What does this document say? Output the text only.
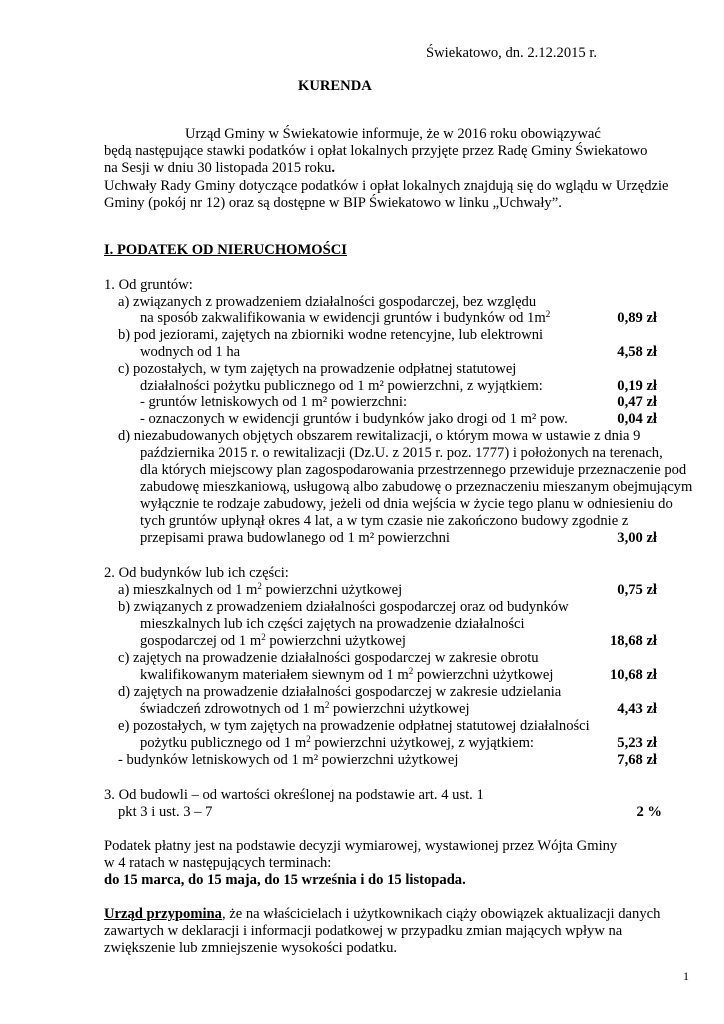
Świekatowo, dn. 2.12.2015 r.
KURENDA
Urząd Gminy w Świekatowie informuje, że w 2016 roku obowiązywać
będą następujące stawki podatków i opłat lokalnych przyjęte przez Radę Gminy Świekatowo
na Sesji w dniu 30 listopada 2015 roku.
Uchwały Rady Gminy dotyczące podatków i opłat lokalnych znajdują się do wglądu w Urzędzie
Gminy (pokój nr 12) oraz są dostępne w BIP Świekatowo w linku „Uchwały”.
I. PODATEK OD NIERUCHOMOŚCI
1. Od gruntów:
a) związanych z prowadzeniem działalności gospodarczej, bez względu
na sposób zakwalifikowania w ewidencji gruntów i budynków od $1m^2$	0,89 zł
b) pod jeziorami, zajętych na zbiorniki wodne retencyjne, lub elektrowni
wodnych od 1 ha	4,58 zł
c) pozostałych, w tym zajętych na prowadzenie odpłatnej statutowej
działalności pożytku publicznego od 1 m² powierzchni, z wyjątkiem:	0,19 zł
- gruntów letniskowych od 1 m² powierzchni:	0,47 zł
- oznaczonych w ewidencji gruntów i budynków jako drogi od 1 m² pow.	0,04 zł
d) niezabudowanych objętych obszarem rewitalizacji, o którym mowa w ustawie z dnia 9
października 2015 r. o rewitalizacji (Dz.U. z 2015 r. poz. 1777) i położonych na terenach,
dla których miejscowy plan zagospodarowania przestrzennego przewiduje przeznaczenie pod
zabudowę mieszkaniową, usługową albo zabudowę o przeznaczeniu mieszanym obejmującym
wyłącznie te rodzaje zabudowy, jeżeli od dnia wejścia w życie tego planu w odniesieniu do
tych gruntów upłynął okres 4 lat, a w tym czasie nie zakończono budowy zgodnie z
przepisami prawa budowlanego od 1 m² powierzchni	3,00 zł
2. Od budynków lub ich części:
a) mieszkalnych od 1 $m^2$ powierzchni użytkowej	0,75 zł
b) związanych z prowadzeniem działalności gospodarczej oraz od budynków
mieszkalnych lub ich części zajętych na prowadzenie działalności
gospodarczej od 1 $m^2$ powierzchni użytkowej	18,68 zł
c) zajętych na prowadzenie działalności gospodarczej w zakresie obrotu
kwalifikowanym materiałem siewnym od 1 $m^2$ powierzchni użytkowej	10,68 zł
d) zajętych na prowadzenie działalności gospodarczej w zakresie udzielania
świadczeń zdrowotnych od 1 $m^2$ powierzchni użytkowej	4,43 zł
e) pozostałych, w tym zajętych na prowadzenie odpłatnej statutowej działalności
pożytku publicznego od 1 $m^2$ powierzchni użytkowej, z wyjątkiem:	5,23 zł
- budynków letniskowych od 1 m² powierzchni użytkowej	7,68 zł
3. Od budowli – od wartości określonej na podstawie art. 4 ust. 1
pkt 3 i ust. 3 – 7	2 %
Podatek płatny jest na podstawie decyzji wymiarowej, wystawionej przez Wójta Gminy
w 4 ratach w następujących terminach:
do 15 marca, do 15 maja, do 15 września i do 15 listopada.
Urząd przypomina, że na właścicielach i użytkownikach ciąży obowiązek aktualizacji danych
zawartych w deklaracji i informacji podatkowej w przypadku zmian mających wpływ na
zwiększenie lub zmniejszenie wysokości podatku.
1
